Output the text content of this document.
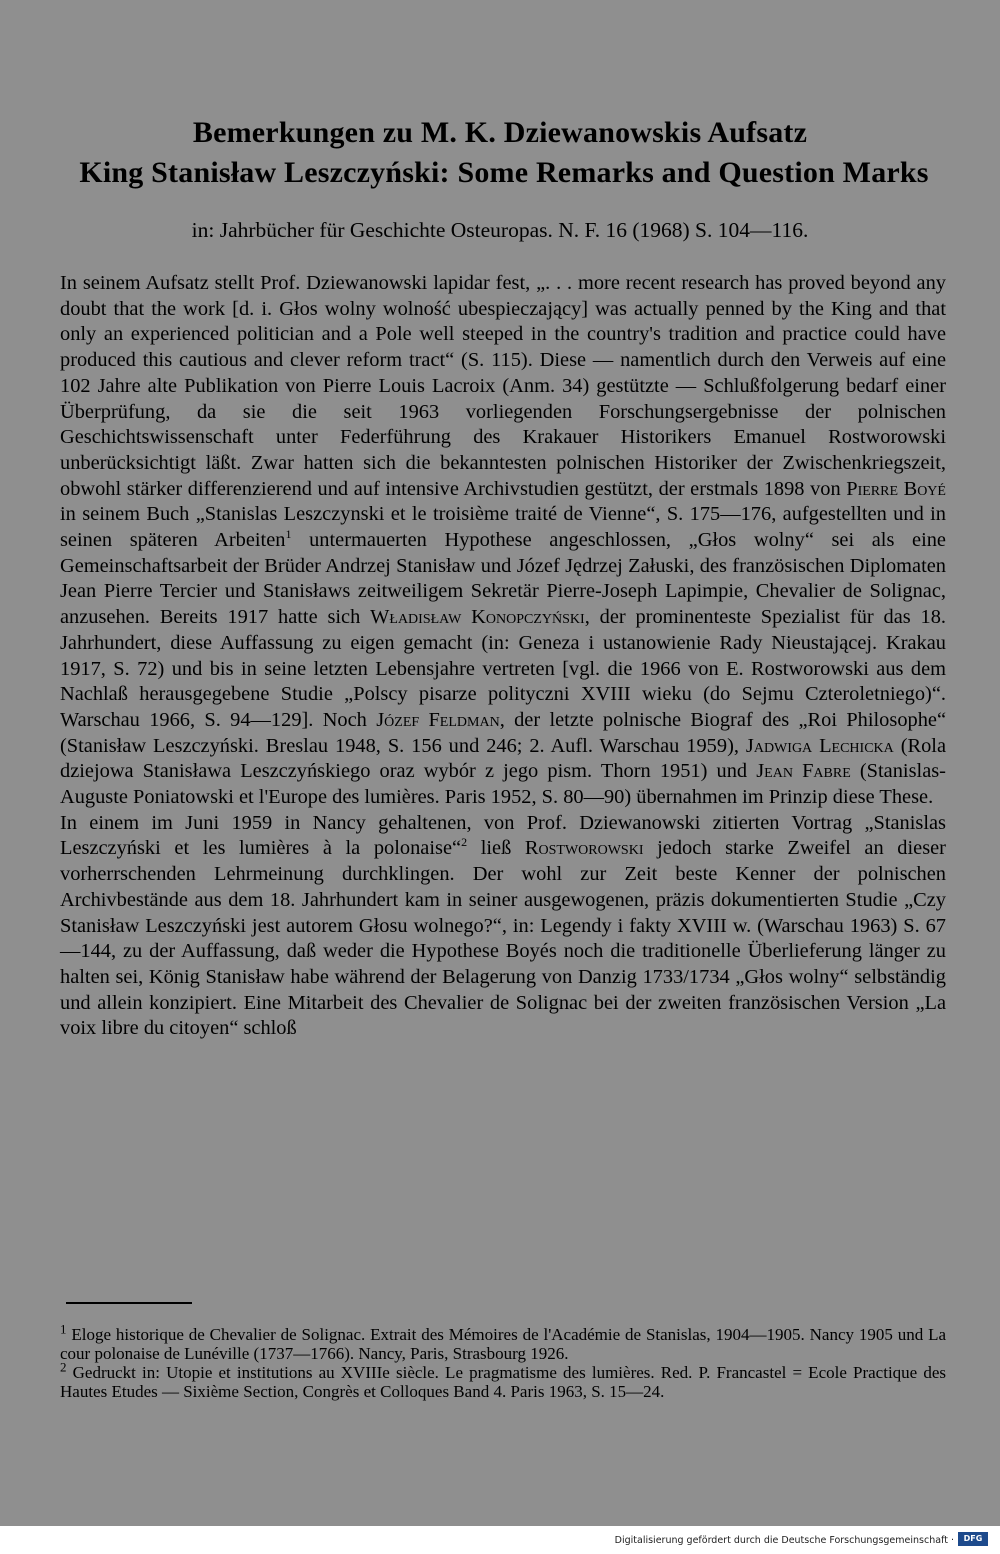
Bemerkungen zu M. K. Dziewanowskis Aufsatz
King Stanisław Leszczyński: Some Remarks and Question Marks
in: Jahrbücher für Geschichte Osteuropas. N. F. 16 (1968) S. 104—116.

In seinem Aufsatz stellt Prof. Dziewanowski lapidar fest, „. . . more recent research has proved beyond any doubt that the work [d. i. Głos wolny wolność ubespieczający] was actually penned by the King and that only an experienced politician and a Pole well steeped in the country's tradition and practice could have produced this cautious and clever reform tract“ (S. 115). Diese — namentlich durch den Verweis auf eine 102 Jahre alte Publikation von Pierre Louis Lacroix (Anm. 34) gestützte — Schlußfolgerung bedarf einer Überprüfung, da sie die seit 1963 vorliegenden Forschungsergebnisse der polnischen Geschichtswissenschaft unter Federführung des Krakauer Historikers Emanuel Rostworowski unberücksichtigt läßt. Zwar hatten sich die bekanntesten polnischen Historiker der Zwischenkriegszeit, obwohl stärker differenzierend und auf intensive Archivstudien gestützt, der erstmals 1898 von Pierre Boyé in seinem Buch „Stanislas Leszczynski et le troisième traité de Vienne“, S. 175—176, aufgestellten und in seinen späteren Arbeiten$^1$ untermauerten Hypothese angeschlossen, „Głos wolny“ sei als eine Gemeinschaftsarbeit der Brüder Andrzej Stanisław und Józef Jędrzej Załuski, des französischen Diplomaten Jean Pierre Tercier und Stanisławs zeitweiligem Sekretär Pierre-Joseph Lapimpie, Chevalier de Solignac, anzusehen. Bereits 1917 hatte sich Władisław Konopczyński, der prominenteste Spezialist für das 18. Jahrhundert, diese Auffassung zu eigen gemacht (in: Geneza i ustanowienie Rady Nieustającej. Krakau 1917, S. 72) und bis in seine letzten Lebensjahre vertreten [vgl. die 1966 von E. Rostworowski aus dem Nachlaß herausgegebene Studie „Polscy pisarze polityczni XVIII wieku (do Sejmu Czteroletniego)“. Warschau 1966, S. 94—129]. Noch Józef Feldman, der letzte polnische Biograf des „Roi Philosophe“ (Stanisław Leszczyński. Breslau 1948, S. 156 und 246; 2. Aufl. Warschau 1959), Jadwiga Lechicka (Rola dziejowa Stanisława Leszczyńskiego oraz wybór z jego pism. Thorn 1951) und Jean Fabre (Stanislas-Auguste Poniatowski et l'Europe des lumières. Paris 1952, S. 80—90) übernahmen im Prinzip diese These.

In einem im Juni 1959 in Nancy gehaltenen, von Prof. Dziewanowski zitierten Vortrag „Stanislas Leszczyński et les lumières à la polonaise“$^2$ ließ Rostworowski jedoch starke Zweifel an dieser vorherrschenden Lehrmeinung durchklingen. Der wohl zur Zeit beste Kenner der polnischen Archivbestände aus dem 18. Jahrhundert kam in seiner ausgewogenen, präzis dokumentierten Studie „Czy Stanisław Leszczyński jest autorem Głosu wolnego?“, in: Legendy i fakty XVIII w. (Warschau 1963) S. 67—144, zu der Auffassung, daß weder die Hypothese Boyés noch die traditionelle Überlieferung länger zu halten sei, König Stanisław habe während der Belagerung von Danzig 1733/1734 „Głos wolny“ selbständig und allein konzipiert. Eine Mitarbeit des Chevalier de Solignac bei der zweiten französischen Version „La voix libre du citoyen“ schloß

$^1$ Eloge historique de Chevalier de Solignac. Extrait des Mémoires de l'Académie de Stanislas, 1904—1905. Nancy 1905 und La cour polonaise de Lunéville (1737—1766). Nancy, Paris, Strasbourg 1926.

$^2$ Gedruckt in: Utopie et institutions au XVIIIe siècle. Le pragmatisme des lumières. Red. P. Francastel = Ecole Practique des Hautes Etudes — Sixième Section, Congrès et Colloques Band 4. Paris 1963, S. 15—24.

Digitalisierung gefördert durch die Deutsche Forschungsgemeinschaft ·	DFG
